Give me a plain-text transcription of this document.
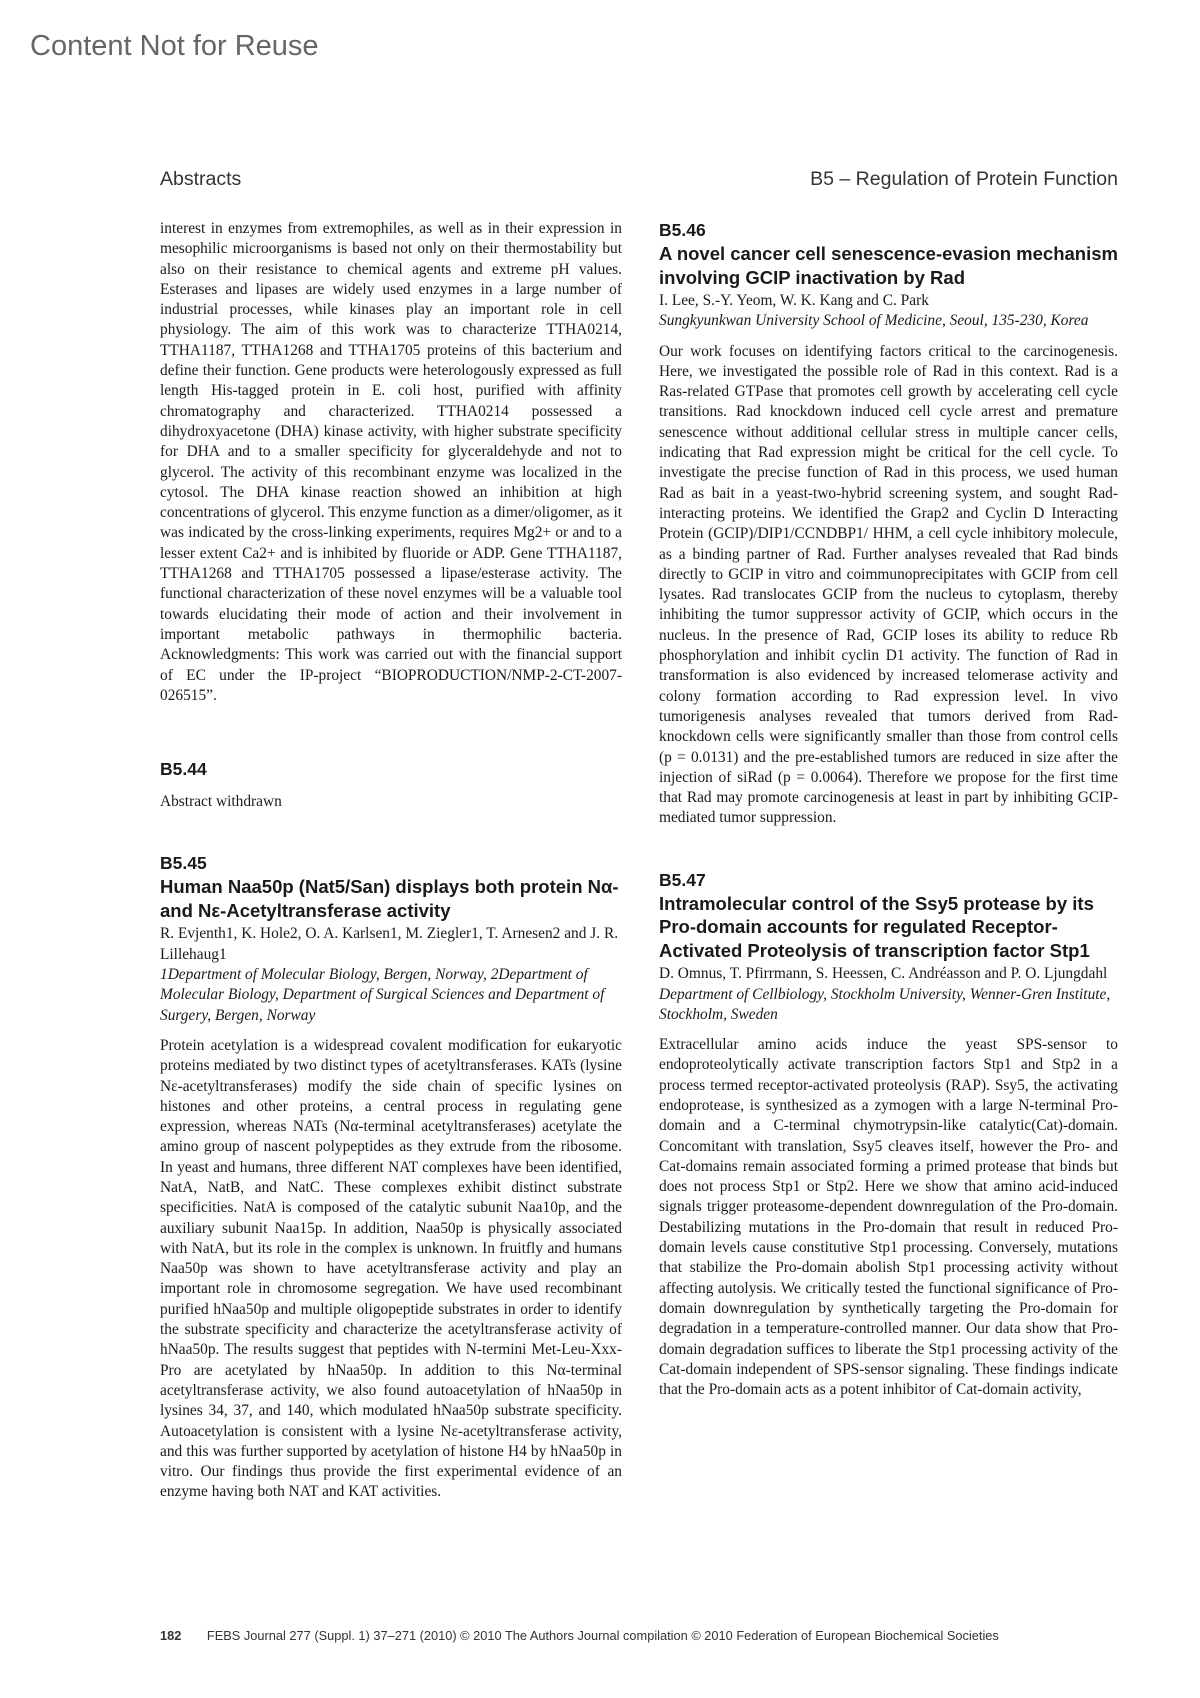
Content Not for Reuse
Abstracts	B5 – Regulation of Protein Function

interest in enzymes from extremophiles, as well as in their expression in mesophilic microorganisms is based not only on their thermostability but also on their resistance to chemical agents and extreme pH values. Esterases and lipases are widely used enzymes in a large number of industrial processes, while kinases play an important role in cell physiology. The aim of this work was to characterize TTHA0214, TTHA1187, TTHA1268 and TTHA1705 proteins of this bacterium and define their function. Gene products were heterologously expressed as full length His-tagged protein in E. coli host, purified with affinity chromatography and characterized. TTHA0214 possessed a dihydroxyacetone (DHA) kinase activity, with higher substrate specificity for DHA and to a smaller specificity for glyceraldehyde and not to glycerol. The activity of this recombinant enzyme was localized in the cytosol. The DHA kinase reaction showed an inhibition at high concentrations of glycerol. This enzyme function as a dimer/oligomer, as it was indicated by the cross-linking experiments, requires Mg2+ or and to a lesser extent Ca2+ and is inhibited by fluoride or ADP. Gene TTHA1187, TTHA1268 and TTHA1705 possessed a lipase/esterase activity. The functional characterization of these novel enzymes will be a valuable tool towards elucidating their mode of action and their involvement in important metabolic pathways in thermophilic bacteria. Acknowledgments: This work was carried out with the financial support of EC under the IP-project “BIOPRODUCTION/NMP-2-CT-2007-026515”.

B5.44
Abstract withdrawn
B5.45
Human Naa50p (Nat5/San) displays both protein Nα- and Nε-Acetyltransferase activity
R. Evjenth1, K. Hole2, O. A. Karlsen1, M. Ziegler1, T. Arnesen2 and J. R. Lillehaug1
1Department of Molecular Biology, Bergen, Norway, 2Department of Molecular Biology, Department of Surgical Sciences and Department of Surgery, Bergen, Norway

Protein acetylation is a widespread covalent modification for eukaryotic proteins mediated by two distinct types of acetyltransferases. KATs (lysine Nε-acetyltransferases) modify the side chain of specific lysines on histones and other proteins, a central process in regulating gene expression, whereas NATs (Nα-terminal acetyltransferases) acetylate the amino group of nascent polypeptides as they extrude from the ribosome. In yeast and humans, three different NAT complexes have been identified, NatA, NatB, and NatC. These complexes exhibit distinct substrate specificities. NatA is composed of the catalytic subunit Naa10p, and the auxiliary subunit Naa15p. In addition, Naa50p is physically associated with NatA, but its role in the complex is unknown. In fruitfly and humans Naa50p was shown to have acetyltransferase activity and play an important role in chromosome segregation. We have used recombinant purified hNaa50p and multiple oligopeptide substrates in order to identify the substrate specificity and characterize the acetyltransferase activity of hNaa50p. The results suggest that peptides with N-termini Met-Leu-Xxx-Pro are acetylated by hNaa50p. In addition to this Nα-terminal acetyltransferase activity, we also found autoacetylation of hNaa50p in lysines 34, 37, and 140, which modulated hNaa50p substrate specificity. Autoacetylation is consistent with a lysine Nε-acetyltransferase activity, and this was further supported by acetylation of histone H4 by hNaa50p in vitro. Our findings thus provide the first experimental evidence of an enzyme having both NAT and KAT activities.

B5.46
A novel cancer cell senescence-evasion mechanism involving GCIP inactivation by Rad
I. Lee, S.-Y. Yeom, W. K. Kang and C. Park
Sungkyunkwan University School of Medicine, Seoul, 135-230, Korea

Our work focuses on identifying factors critical to the carcinogenesis. Here, we investigated the possible role of Rad in this context. Rad is a Ras-related GTPase that promotes cell growth by accelerating cell cycle transitions. Rad knockdown induced cell cycle arrest and premature senescence without additional cellular stress in multiple cancer cells, indicating that Rad expression might be critical for the cell cycle. To investigate the precise function of Rad in this process, we used human Rad as bait in a yeast-two-hybrid screening system, and sought Rad-interacting proteins. We identified the Grap2 and Cyclin D Interacting Protein (GCIP)/DIP1/CCNDBP1/ HHM, a cell cycle inhibitory molecule, as a binding partner of Rad. Further analyses revealed that Rad binds directly to GCIP in vitro and coimmunoprecipitates with GCIP from cell lysates. Rad translocates GCIP from the nucleus to cytoplasm, thereby inhibiting the tumor suppressor activity of GCIP, which occurs in the nucleus. In the presence of Rad, GCIP loses its ability to reduce Rb phosphorylation and inhibit cyclin D1 activity. The function of Rad in transformation is also evidenced by increased telomerase activity and colony formation according to Rad expression level. In vivo tumorigenesis analyses revealed that tumors derived from Rad-knockdown cells were significantly smaller than those from control cells (p = 0.0131) and the pre-established tumors are reduced in size after the injection of siRad (p = 0.0064). Therefore we propose for the first time that Rad may promote carcinogenesis at least in part by inhibiting GCIP-mediated tumor suppression.

B5.47
Intramolecular control of the Ssy5 protease by its Pro-domain accounts for regulated Receptor-Activated Proteolysis of transcription factor Stp1
D. Omnus, T. Pfirrmann, S. Heessen, C. Andréasson and P. O. Ljungdahl
Department of Cellbiology, Stockholm University, Wenner-Gren Institute, Stockholm, Sweden

Extracellular amino acids induce the yeast SPS-sensor to endoproteolytically activate transcription factors Stp1 and Stp2 in a process termed receptor-activated proteolysis (RAP). Ssy5, the activating endoprotease, is synthesized as a zymogen with a large N-terminal Pro-domain and a C-terminal chymotrypsin-like catalytic(Cat)-domain. Concomitant with translation, Ssy5 cleaves itself, however the Pro- and Cat-domains remain associated forming a primed protease that binds but does not process Stp1 or Stp2. Here we show that amino acid-induced signals trigger proteasome-dependent downregulation of the Pro-domain. Destabilizing mutations in the Pro-domain that result in reduced Pro-domain levels cause constitutive Stp1 processing. Conversely, mutations that stabilize the Pro-domain abolish Stp1 processing activity without affecting autolysis. We critically tested the functional significance of Pro-domain downregulation by synthetically targeting the Pro-domain for degradation in a temperature-controlled manner. Our data show that Pro-domain degradation suffices to liberate the Stp1 processing activity of the Cat-domain independent of SPS-sensor signaling. These findings indicate that the Pro-domain acts as a potent inhibitor of Cat-domain activity,

182 FEBS Journal 277 (Suppl. 1) 37–271 (2010) © 2010 The Authors Journal compilation © 2010 Federation of European Biochemical Societies
